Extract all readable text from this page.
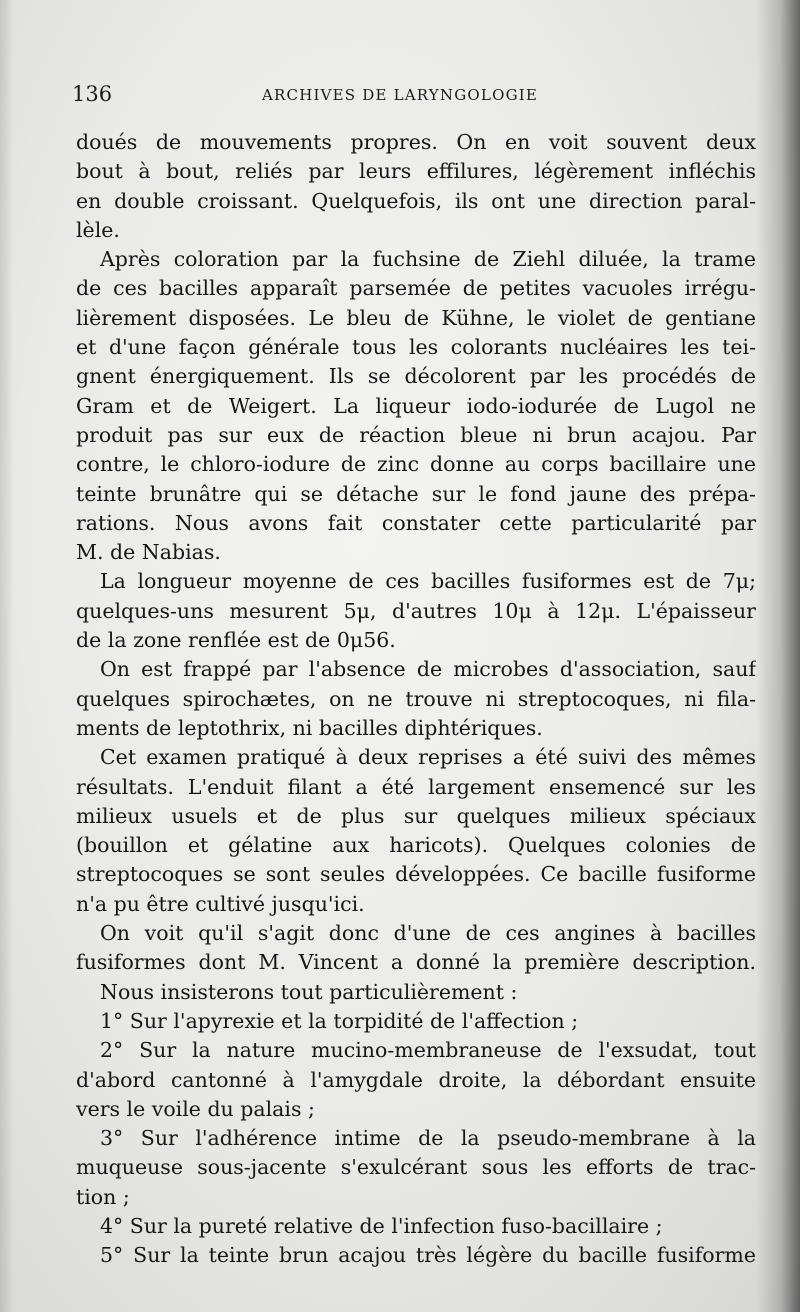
136	ARCHIVES DE LARYNGOLOGIE
doués de mouvements propres. On en voit souvent deux
bout à bout, reliés par leurs effilures, légèrement infléchis
en double croissant. Quelquefois, ils ont une direction paral-
lèle.
Après coloration par la fuchsine de Ziehl diluée, la trame
de ces bacilles apparaît parsemée de petites vacuoles irrégu-
lièrement disposées. Le bleu de Kühne, le violet de gentiane
et d'une façon générale tous les colorants nucléaires les tei-
gnent énergiquement. Ils se décolorent par les procédés de
Gram et de Weigert. La liqueur iodo-iodurée de Lugol ne
produit pas sur eux de réaction bleue ni brun acajou. Par
contre, le chloro-iodure de zinc donne au corps bacillaire une
teinte brunâtre qui se détache sur le fond jaune des prépa-
rations. Nous avons fait constater cette particularité par
M. de Nabias.
La longueur moyenne de ces bacilles fusiformes est de 7μ;
quelques-uns mesurent 5μ, d'autres 10μ à 12μ. L'épaisseur
de la zone renflée est de 0μ56.
On est frappé par l'absence de microbes d'association, sauf
quelques spirochætes, on ne trouve ni streptocoques, ni fila-
ments de leptothrix, ni bacilles diphtériques.
Cet examen pratiqué à deux reprises a été suivi des mêmes
résultats. L'enduit filant a été largement ensemencé sur les
milieux usuels et de plus sur quelques milieux spéciaux
(bouillon et gélatine aux haricots). Quelques colonies de
streptocoques se sont seules développées. Ce bacille fusiforme
n'a pu être cultivé jusqu'ici.
On voit qu'il s'agit donc d'une de ces angines à bacilles
fusiformes dont M. Vincent a donné la première description.
Nous insisterons tout particulièrement :
1° Sur l'apyrexie et la torpidité de l'affection ;
2° Sur la nature mucino-membraneuse de l'exsudat, tout
d'abord cantonné à l'amygdale droite, la débordant ensuite
vers le voile du palais ;
3° Sur l'adhérence intime de la pseudo-membrane à la
muqueuse sous-jacente s'exulcérant sous les efforts de trac-
tion ;
4° Sur la pureté relative de l'infection fuso-bacillaire ;
5° Sur la teinte brun acajou très légère du bacille fusiforme
